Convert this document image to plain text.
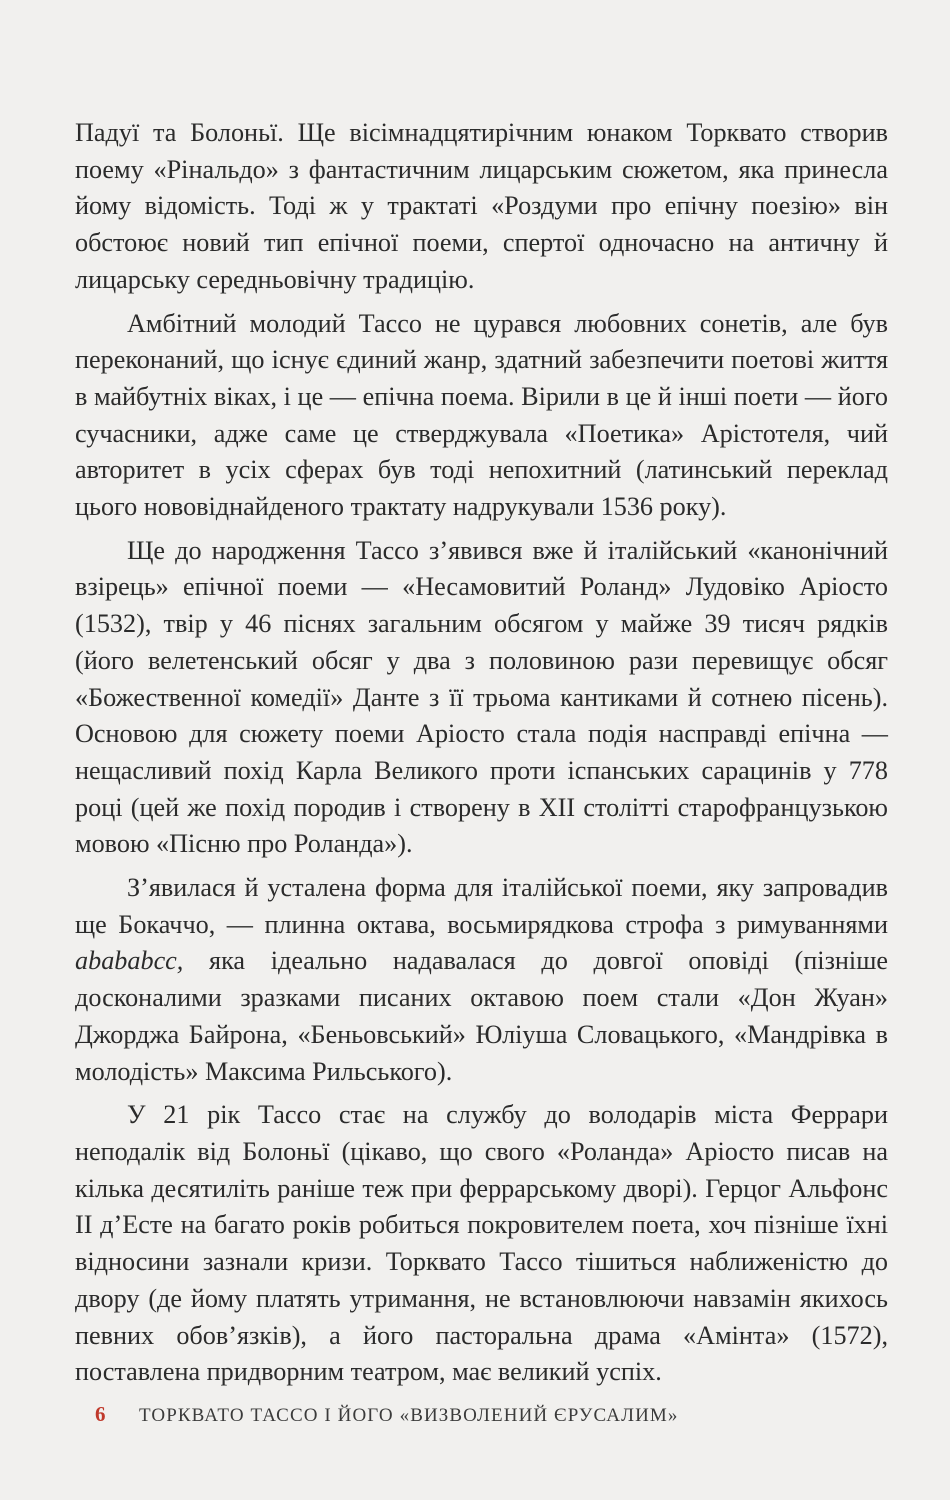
Падуї та Болоньї. Ще вісімнадцятирічним юнаком Торквато створив поему «Рінальдо» з фантастичним лицарським сюжетом, яка принесла йому відомість. Тоді ж у трактаті «Роздуми про епічну поезію» він обстоює новий тип епічної поеми, спертої одночасно на античну й лицарську середньовічну традицію.

Амбітний молодий Тассо не цурався любовних сонетів, але був переконаний, що існує єдиний жанр, здатний забезпечити поетові життя в майбутніх віках, і це — епічна поема. Вірили в це й інші поети — його сучасники, адже саме це стверджувала «Поетика» Арістотеля, чий авторитет в усіх сферах був тоді непохитний (латинський переклад цього нововіднайденого трактату надрукували 1536 року).

Ще до народження Тассо з’явився вже й італійський «канонічний взірець» епічної поеми — «Несамовитий Роланд» Лудовіко Аріосто (1532), твір у 46 піснях загальним обсягом у майже 39 тисяч рядків (його велетенський обсяг у два з половиною рази перевищує обсяг «Божественної комедії» Данте з її трьома кантиками й сотнею пісень). Основою для сюжету поеми Аріосто стала подія насправді епічна — нещасливий похід Карла Великого проти іспанських сарацинів у 778 році (цей же похід породив і створену в XII столітті старофранцузькою мовою «Пісню про Роланда»).

З’явилася й усталена форма для італійської поеми, яку запровадив ще Бокаччо, — плинна октава, восьмирядкова строфа з римуваннями abababcc, яка ідеально надавалася до довгої оповіді (пізніше досконалими зразками писаних октавою поем стали «Дон Жуан» Джорджа Байрона, «Беньовський» Юліуша Словацького, «Мандрівка в молодість» Максима Рильського).

У 21 рік Тассо стає на службу до володарів міста Феррари неподалік від Болоньї (цікаво, що свого «Роланда» Аріосто писав на кілька десятиліть раніше теж при феррарському дворі). Герцог Альфонс II д’Есте на багато років робиться покровителем поета, хоч пізніше їхні відносини зазнали кризи. Торквато Тассо тішиться наближеністю до двору (де йому платять утримання, не встановлюючи навзамін якихось певних обов’язків), а його пасторальна драма «Амінта» (1572), поставлена придворним театром, має великий успіх.

6 ТОРКВАТО ТАССО І ЙОГО «ВИЗВОЛЕНИЙ ЄРУСАЛИМ»
